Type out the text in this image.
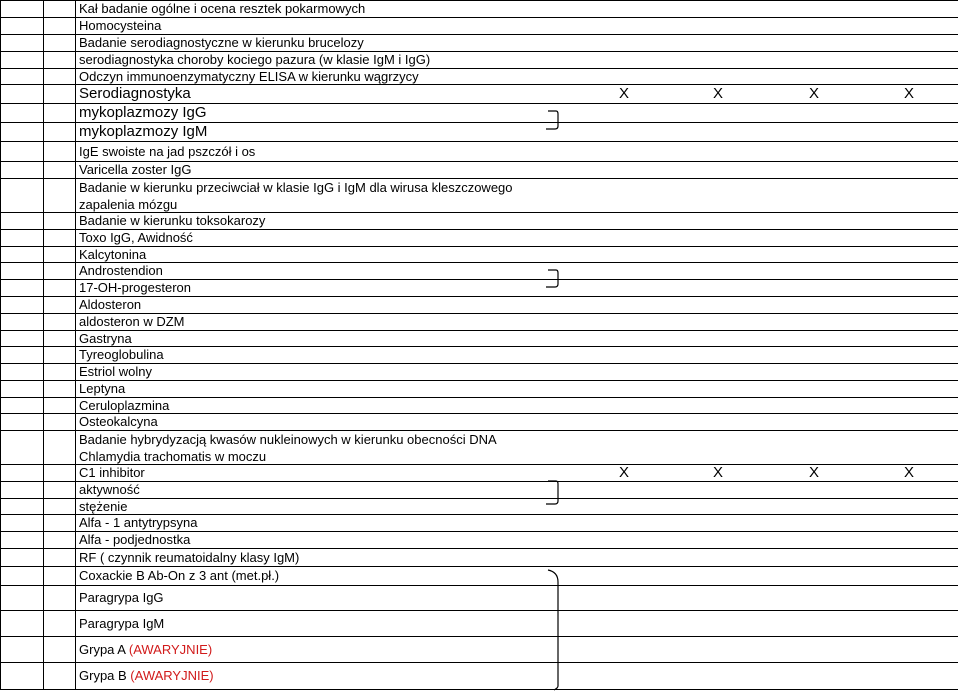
Kał badanie ogólne i ocena resztek pokarmowych
Homocysteina
Badanie serodiagnostyczne w kierunku brucelozy
serodiagnostyka choroby kociego pazura (w klasie IgM i IgG)
Odczyn immunoenzymatyczny ELISA w kierunku wągrzycy
Serodiagnostyka	X	X	X	X
mykoplazmozy IgG
mykoplazmozy IgM
IgE swoiste na jad pszczół i os
Varicella zoster IgG
Badanie w kierunku przeciwciał w klasie IgG i IgM dla wirusa kleszczowego
zapalenia mózgu
Badanie w kierunku toksokarozy
Toxo IgG, Awidność
Kalcytonina
Androstendion
17-OH-progesteron
Aldosteron
aldosteron w DZM
Gastryna
Tyreoglobulina
Estriol wolny
Leptyna
Ceruloplazmina
Osteokalcyna
Badanie hybrydyzacją kwasów nukleinowych w kierunku obecności DNA
Chlamydia trachomatis w moczu
C1 inhibitor	X	X	X	X
aktywność
stężenie
Alfa - 1 antytrypsyna
Alfa - podjednostka
RF ( czynnik reumatoidalny klasy IgM)
Coxackie B Ab-On z 3 ant (met.pł.)
Paragrypa IgG
Paragrypa IgM
Grypa A (AWARYJNIE)
Grypa B (AWARYJNIE)
